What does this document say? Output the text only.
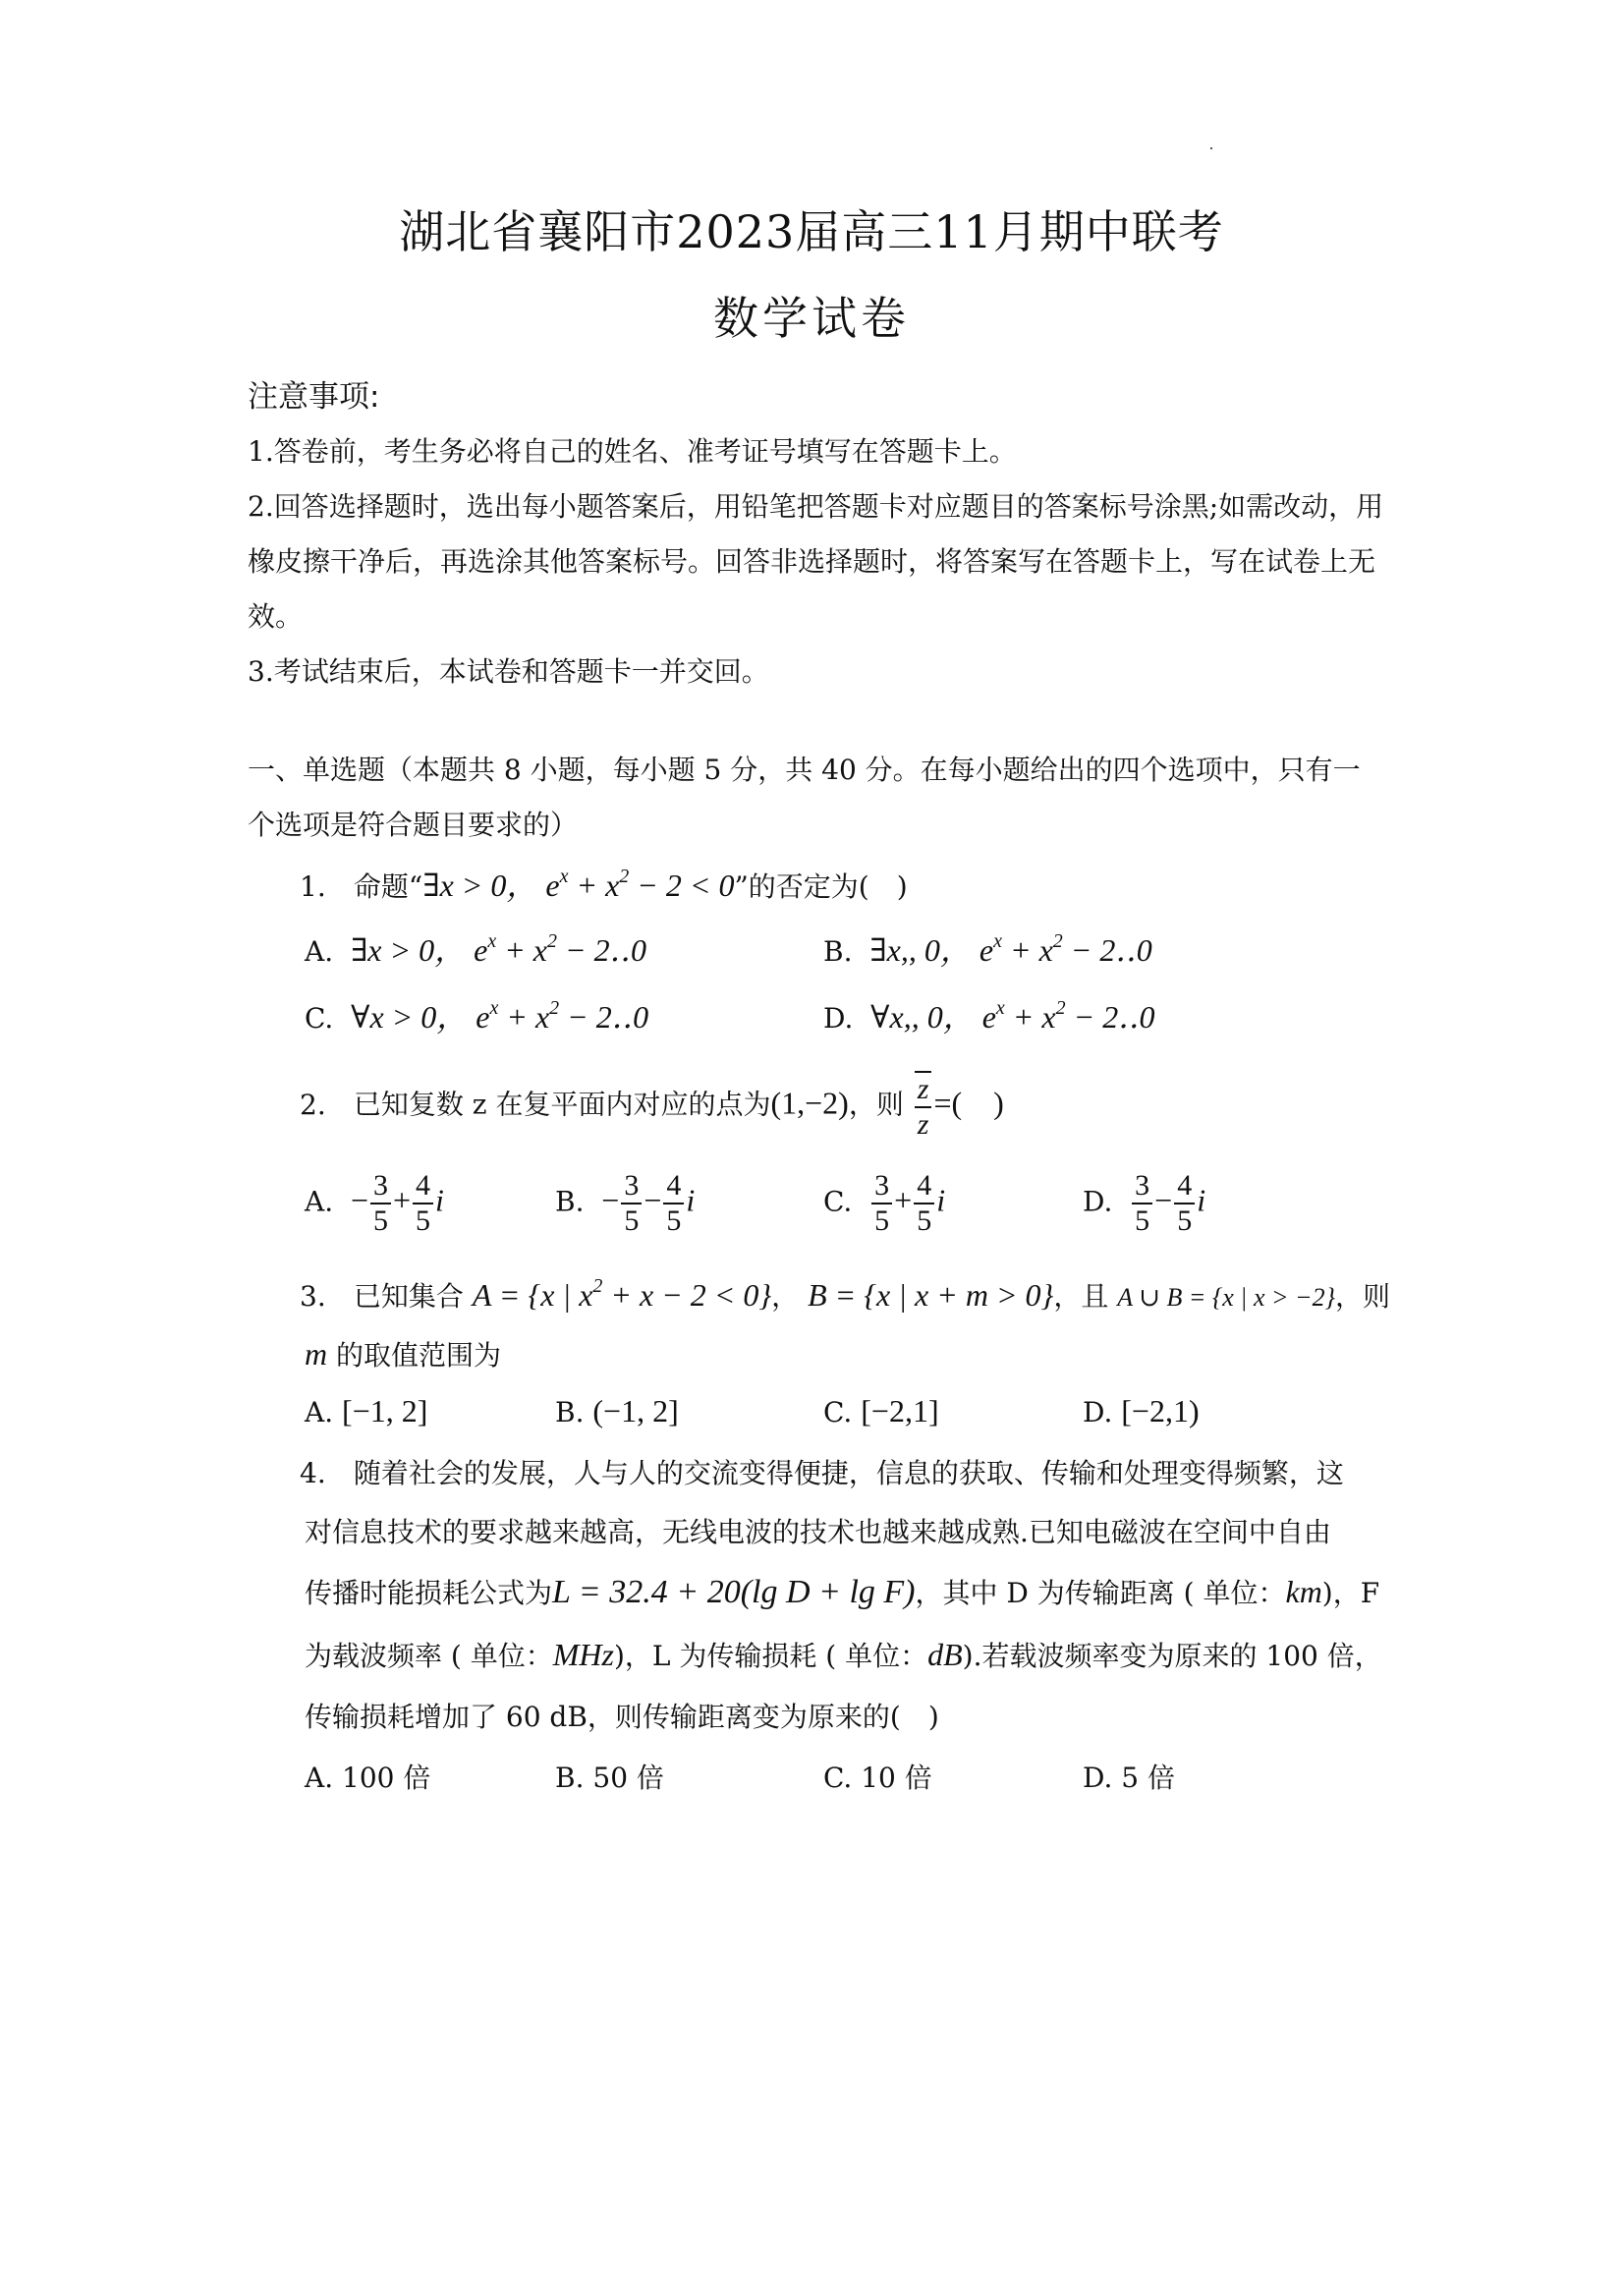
湖北省襄阳市2023届高三11月期中联考
数学试卷
注意事项:
1.答卷前，考生务必将自己的姓名、准考证号填写在答题卡上。
2.回答选择题时，选出每小题答案后，用铅笔把答题卡对应题目的答案标号涂黑;如需改动，用橡皮擦干净后，再选涂其他答案标号。回答非选择题时，将答案写在答题卡上，写在试卷上无效。
3.考试结束后，本试卷和答题卡一并交回。
一、单选题（本题共 8 小题，每小题 5 分，共 40 分。在每小题给出的四个选项中，只有一
个选项是符合题目要求的）
1. 命题“∃x > 0， $e^x + x^2 - 2 < 0$”的否定为(　)
A. ∃x > 0， $e^x + x^2$ − 2‥0	B. ∃x,, 0， $e^x + x^2$ − 2‥0
C. ∀x > 0， $e^x + x^2$ − 2‥0	D. ∀x,, 0， $e^x + x^2$ − 2‥0
2. 已知复数 z 在复平面内对应的点为(1,−2)，则 $\frac{z}{z}$ =(　)
A. − $\frac{3}{5} + \frac{4}{5}$ i	B. − $\frac{3}{5} - \frac{4}{5}$ i	C. $\frac{3}{5} + \frac{4}{5}$ i	D. $\frac{3}{5} - \frac{4}{5}$ i
3. 已知集合 A = {x | $x^2 + x - 2 < 0$}， B = {x | x + m > 0}，且 A ∪ B = {x | x > −2}，则
m 的取值范围为
A. [−1, 2]	B. (−1, 2]	C. [−2,1]	D. [−2,1)
4. 随着社会的发展，人与人的交流变得便捷，信息的获取、传输和处理变得频繁，这
对信息技术的要求越来越高，无线电波的技术也越来越成熟.已知电磁波在空间中自由
传播时能损耗公式为L = 32.4 + 20(lg D + lg F)，其中 D 为传输距离 ( 单位：km)，F
为载波频率 ( 单位：MHz)，L 为传输损耗 ( 单位：dB).若载波频率变为原来的 100 倍，
传输损耗增加了 60 dB，则传输距离变为原来的(　)
A. 100 倍	B. 50 倍	C. 10 倍	D. 5 倍
